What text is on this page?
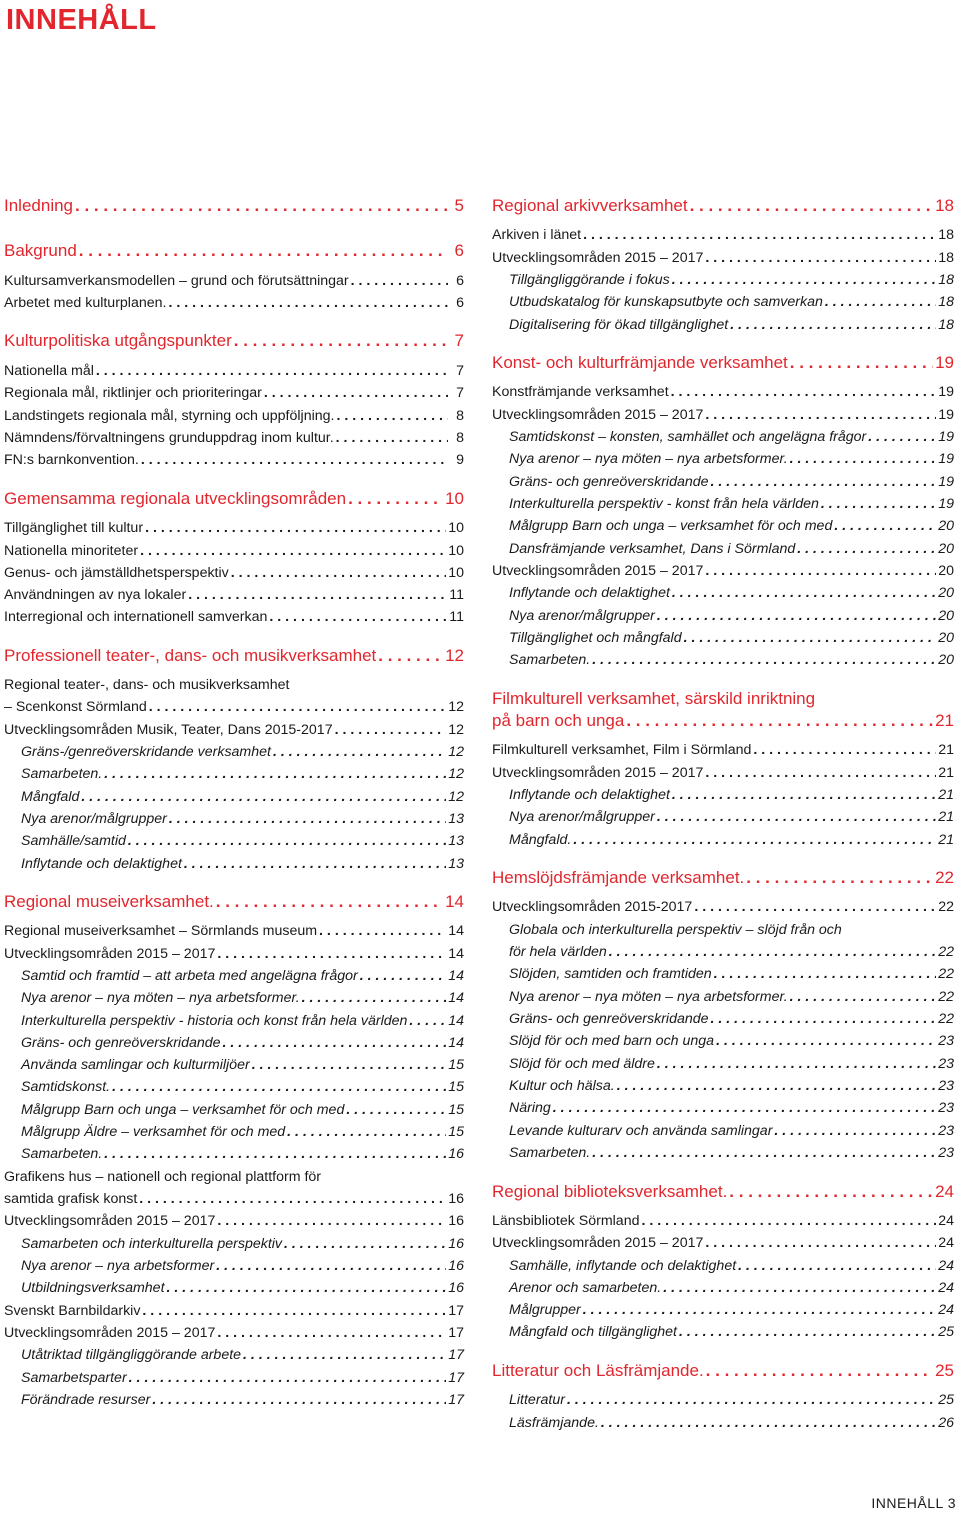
INNEHÅLL
Inledning . . .	5
Bakgrund . . .	6
Kultursamverkansmodellen – grund och förutsättningar . . .	6
Arbetet med kulturplanen. . . .	6
Kulturpolitiska utgångspunkter . . .	7
Nationella mål . . .	7
Regionala mål, riktlinjer och prioriteringar . . .	7
Landstingets regionala mål, styrning och uppföljning. . . .	8
Nämndens/förvaltningens grunduppdrag inom kultur. . . .	8
FN:s barnkonvention. . . .	9
Gemensamma regionala utvecklingsområden . . .	10
Tillgänglighet till kultur . . .	10
Nationella minoriteter . . .	10
Genus- och jämställdhetsperspektiv . . .	10
Användningen av nya lokaler . . .	11
Interregional och internationell samverkan . . .	11
Professionell teater-, dans- och musikverksamhet . . .	12
Regional teater-, dans- och musikverksamhet
– Scenkonst Sörmland . . .	12
Utvecklingsområden Musik, Teater, Dans 2015-2017 . . .	12
Gräns-/genreöverskridande verksamhet . . .	12
Samarbeten. . . .	12
Mångfald . . .	12
Nya arenor/målgrupper . . .	13
Samhälle/samtid . . .	13
Inflytande och delaktighet . . .	13
Regional museiverksamhet. . . .	14
Regional museiverksamhet – Sörmlands museum . . .	14
Utvecklingsområden 2015 – 2017 . . .	14
Samtid och framtid – att arbeta med angelägna frågor . . .	14
Nya arenor – nya möten – nya arbetsformer. . . .	14
Interkulturella perspektiv - historia och konst från hela världen . . .	14
Gräns- och genreöverskridande . . .	14
Använda samlingar och kulturmiljöer . . .	15
Samtidskonst. . . .	15
Målgrupp Barn och unga – verksamhet för och med . . .	15
Målgrupp Äldre – verksamhet för och med . . .	15
Samarbeten. . . .	16
Grafikens hus – nationell och regional plattform för
samtida grafisk konst . . .	16
Utvecklingsområden 2015 – 2017 . . .	16
Samarbeten och interkulturella perspektiv . . .	16
Nya arenor – nya arbetsformer . . .	16
Utbildningsverksamhet . . .	16
Svenskt Barnbildarkiv . . .	17
Utvecklingsområden 2015 – 2017 . . .	17
Utåtriktad tillgängliggörande arbete . . .	17
Samarbetsparter . . .	17
Förändrade resurser . . .	17
Regional arkivverksamhet . . .	18
Arkiven i länet . . .	18
Utvecklingsområden 2015 – 2017 . . .	18
Tillgängliggörande i fokus . . .	18
Utbudskatalog för kunskapsutbyte och samverkan . . .	18
Digitalisering för ökad tillgänglighet . . .	18
Konst- och kulturfrämjande verksamhet . . .	19
Konstfrämjande verksamhet . . .	19
Utvecklingsområden 2015 – 2017 . . .	19
Samtidskonst – konsten, samhället och angelägna frågor . . .	19
Nya arenor – nya möten – nya arbetsformer. . . .	19
Gräns- och genreöverskridande . . .	19
Interkulturella perspektiv - konst från hela världen . . .	19
Målgrupp Barn och unga – verksamhet för och med . . .	20
Dansfrämjande verksamhet, Dans i Sörmland . . .	20
Utvecklingsområden 2015 – 2017 . . .	20
Inflytande och delaktighet . . .	20
Nya arenor/målgrupper . . .	20
Tillgänglighet och mångfald . . .	20
Samarbeten. . . .	20
Filmkulturell verksamhet, särskild inriktning
på barn och unga . . .	21
Filmkulturell verksamhet, Film i Sörmland . . .	21
Utvecklingsområden 2015 – 2017 . . .	21
Inflytande och delaktighet . . .	21
Nya arenor/målgrupper . . .	21
Mångfald. . . .	21
Hemslöjdsfrämjande verksamhet. . . .	22
Utvecklingsområden 2015-2017 . . .	22
Globala och interkulturella perspektiv – slöjd från och
för hela världen . . .	22
Slöjden, samtiden och framtiden . . .	22
Nya arenor – nya möten – nya arbetsformer. . . .	22
Gräns- och genreöverskridande . . .	22
Slöjd för och med barn och unga . . .	23
Slöjd för och med äldre . . .	23
Kultur och hälsa. . . .	23
Näring . . .	23
Levande kulturarv och använda samlingar . . .	23
Samarbeten. . . .	23
Regional biblioteksverksamhet. . . .	24
Länsbibliotek Sörmland . . .	24
Utvecklingsområden 2015 – 2017 . . .	24
Samhälle, inflytande och delaktighet . . .	24
Arenor och samarbeten. . . .	24
Målgrupper . . .	24
Mångfald och tillgänglighet . . .	25
Litteratur och Läsfrämjande. . . .	25
Litteratur . . .	25
Läsfrämjande. . . .	26
INNEHÅLL 3
